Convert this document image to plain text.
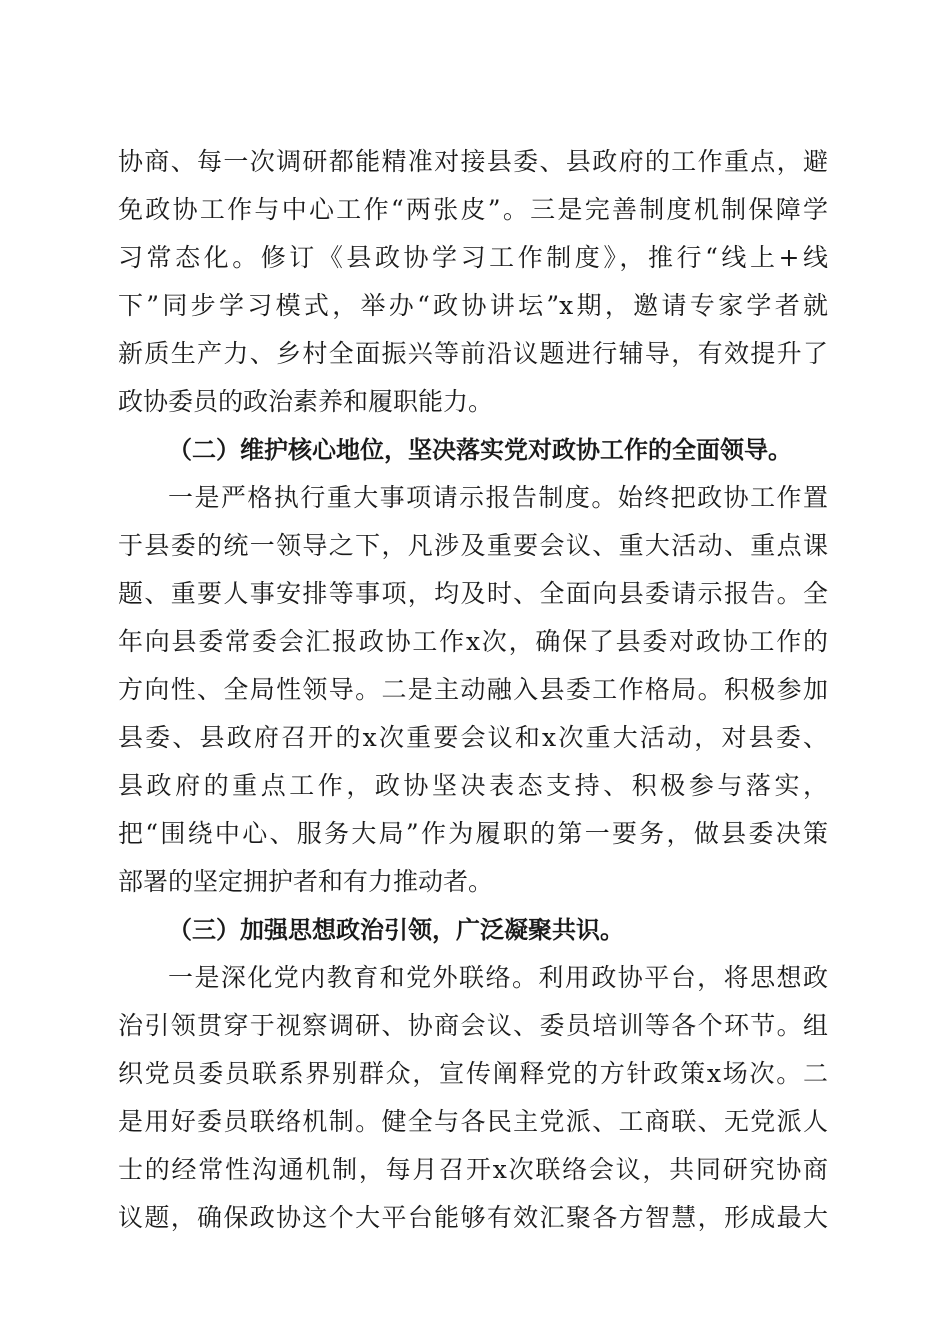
协商、每一次调研都能精准对接县委、县政府的工作重点，避
免政协工作与中心工作“两张皮”。三是完善制度机制保障学
习常态化。修订《县政协学习工作制度》，推行“线上+线
下”同步学习模式，举办“政协讲坛”x期，邀请专家学者就
新质生产力、乡村全面振兴等前沿议题进行辅导，有效提升了
政协委员的政治素养和履职能力。
（二）维护核心地位，坚决落实党对政协工作的全面领导。
一是严格执行重大事项请示报告制度。始终把政协工作置
于县委的统一领导之下，凡涉及重要会议、重大活动、重点课
题、重要人事安排等事项，均及时、全面向县委请示报告。全
年向县委常委会汇报政协工作x次，确保了县委对政协工作的
方向性、全局性领导。二是主动融入县委工作格局。积极参加
县委、县政府召开的x次重要会议和x次重大活动，对县委、
县政府的重点工作，政协坚决表态支持、积极参与落实，
把“围绕中心、服务大局”作为履职的第一要务，做县委决策
部署的坚定拥护者和有力推动者。
（三）加强思想政治引领，广泛凝聚共识。
一是深化党内教育和党外联络。利用政协平台，将思想政
治引领贯穿于视察调研、协商会议、委员培训等各个环节。组
织党员委员联系界别群众，宣传阐释党的方针政策x场次。二
是用好委员联络机制。健全与各民主党派、工商联、无党派人
士的经常性沟通机制，每月召开x次联络会议，共同研究协商
议题，确保政协这个大平台能够有效汇聚各方智慧，形成最大
